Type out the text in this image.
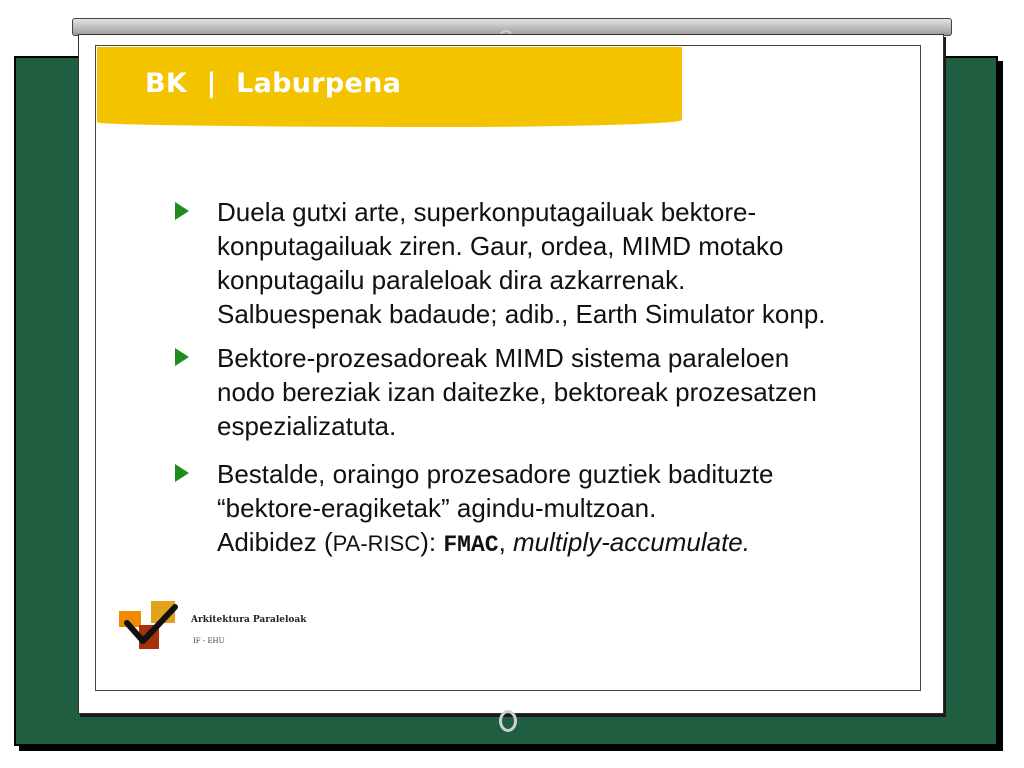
BK  |  Laburpena
Duela gutxi arte, superkonputagailuak bektore-
konputagailuak ziren. Gaur, ordea, MIMD motako
konputagailu paraleloak dira azkarrenak.
Salbuespenak badaude; adib., Earth Simulator konp.
Bektore-prozesadoreak MIMD sistema paraleloen
nodo bereziak izan daitezke, bektoreak prozesatzen
espezializatuta.
Bestalde, oraingo prozesadore guztiek badituzte
“bektore-eragiketak” agindu-multzoan.
Adibidez (PA-RISC): FMAC, multiply-accumulate.
Arkitektura Paraleloak
IF - EHU
